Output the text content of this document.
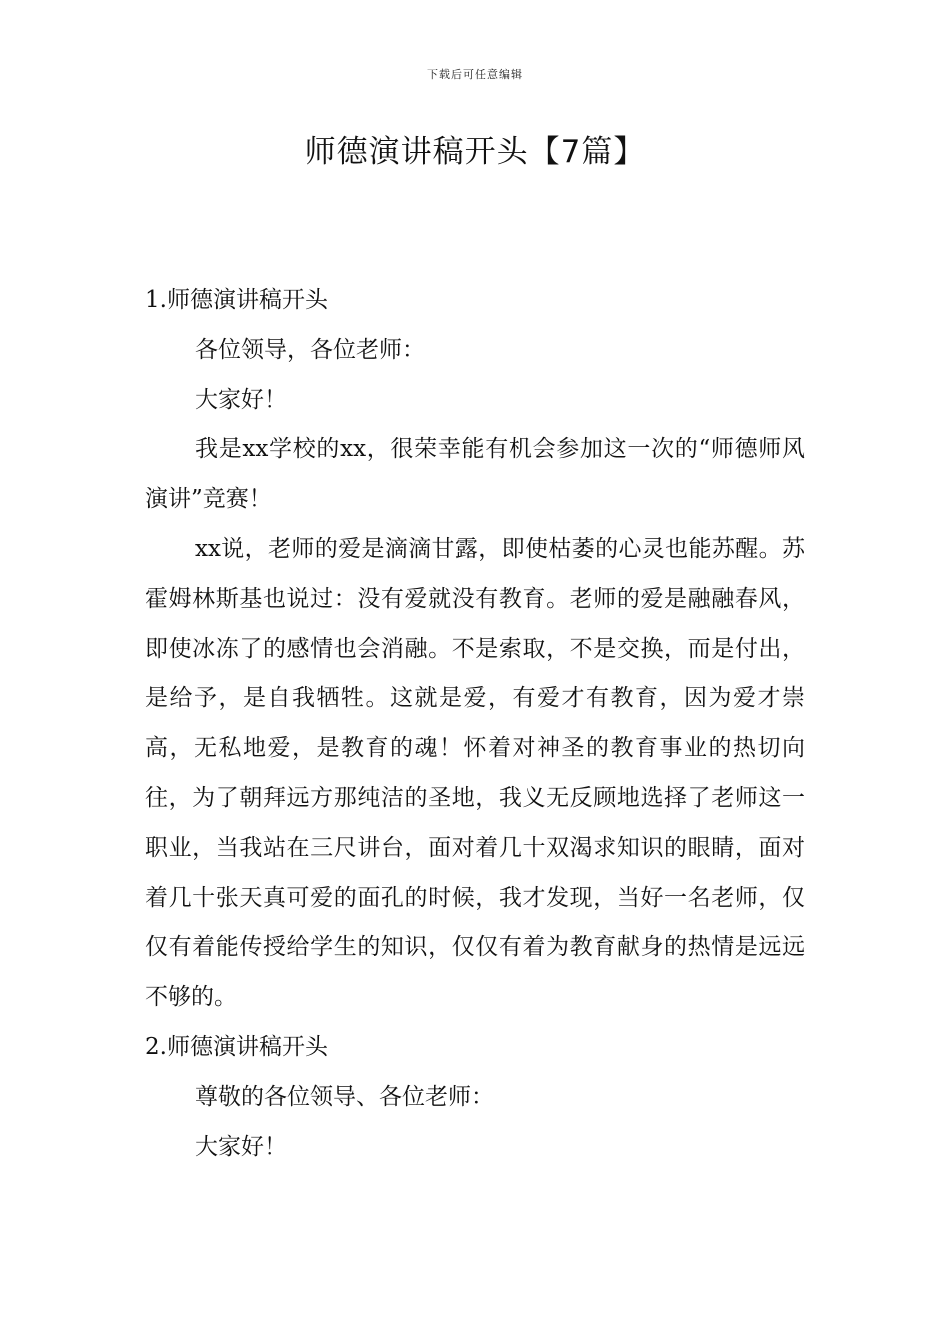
下载后可任意编辑
师德演讲稿开头【7篇】

1.师德演讲稿开头

各位领导，各位老师：

大家好！

我是xx学校的xx，很荣幸能有机会参加这一次的“师德师风演讲”竞赛！

xx说，老师的爱是滴滴甘露，即使枯萎的心灵也能苏醒。苏霍姆林斯基也说过：没有爱就没有教育。老师的爱是融融春风，即使冰冻了的感情也会消融。不是索取，不是交换，而是付出，是给予，是自我牺牲。这就是爱，有爱才有教育，因为爱才崇高，无私地爱，是教育的魂！怀着对神圣的教育事业的热切向往，为了朝拜远方那纯洁的圣地，我义无反顾地选择了老师这一职业，当我站在三尺讲台，面对着几十双渴求知识的眼睛，面对着几十张天真可爱的面孔的时候，我才发现，当好一名老师，仅仅有着能传授给学生的知识，仅仅有着为教育献身的热情是远远不够的。

2.师德演讲稿开头

尊敬的各位领导、各位老师：

大家好！
